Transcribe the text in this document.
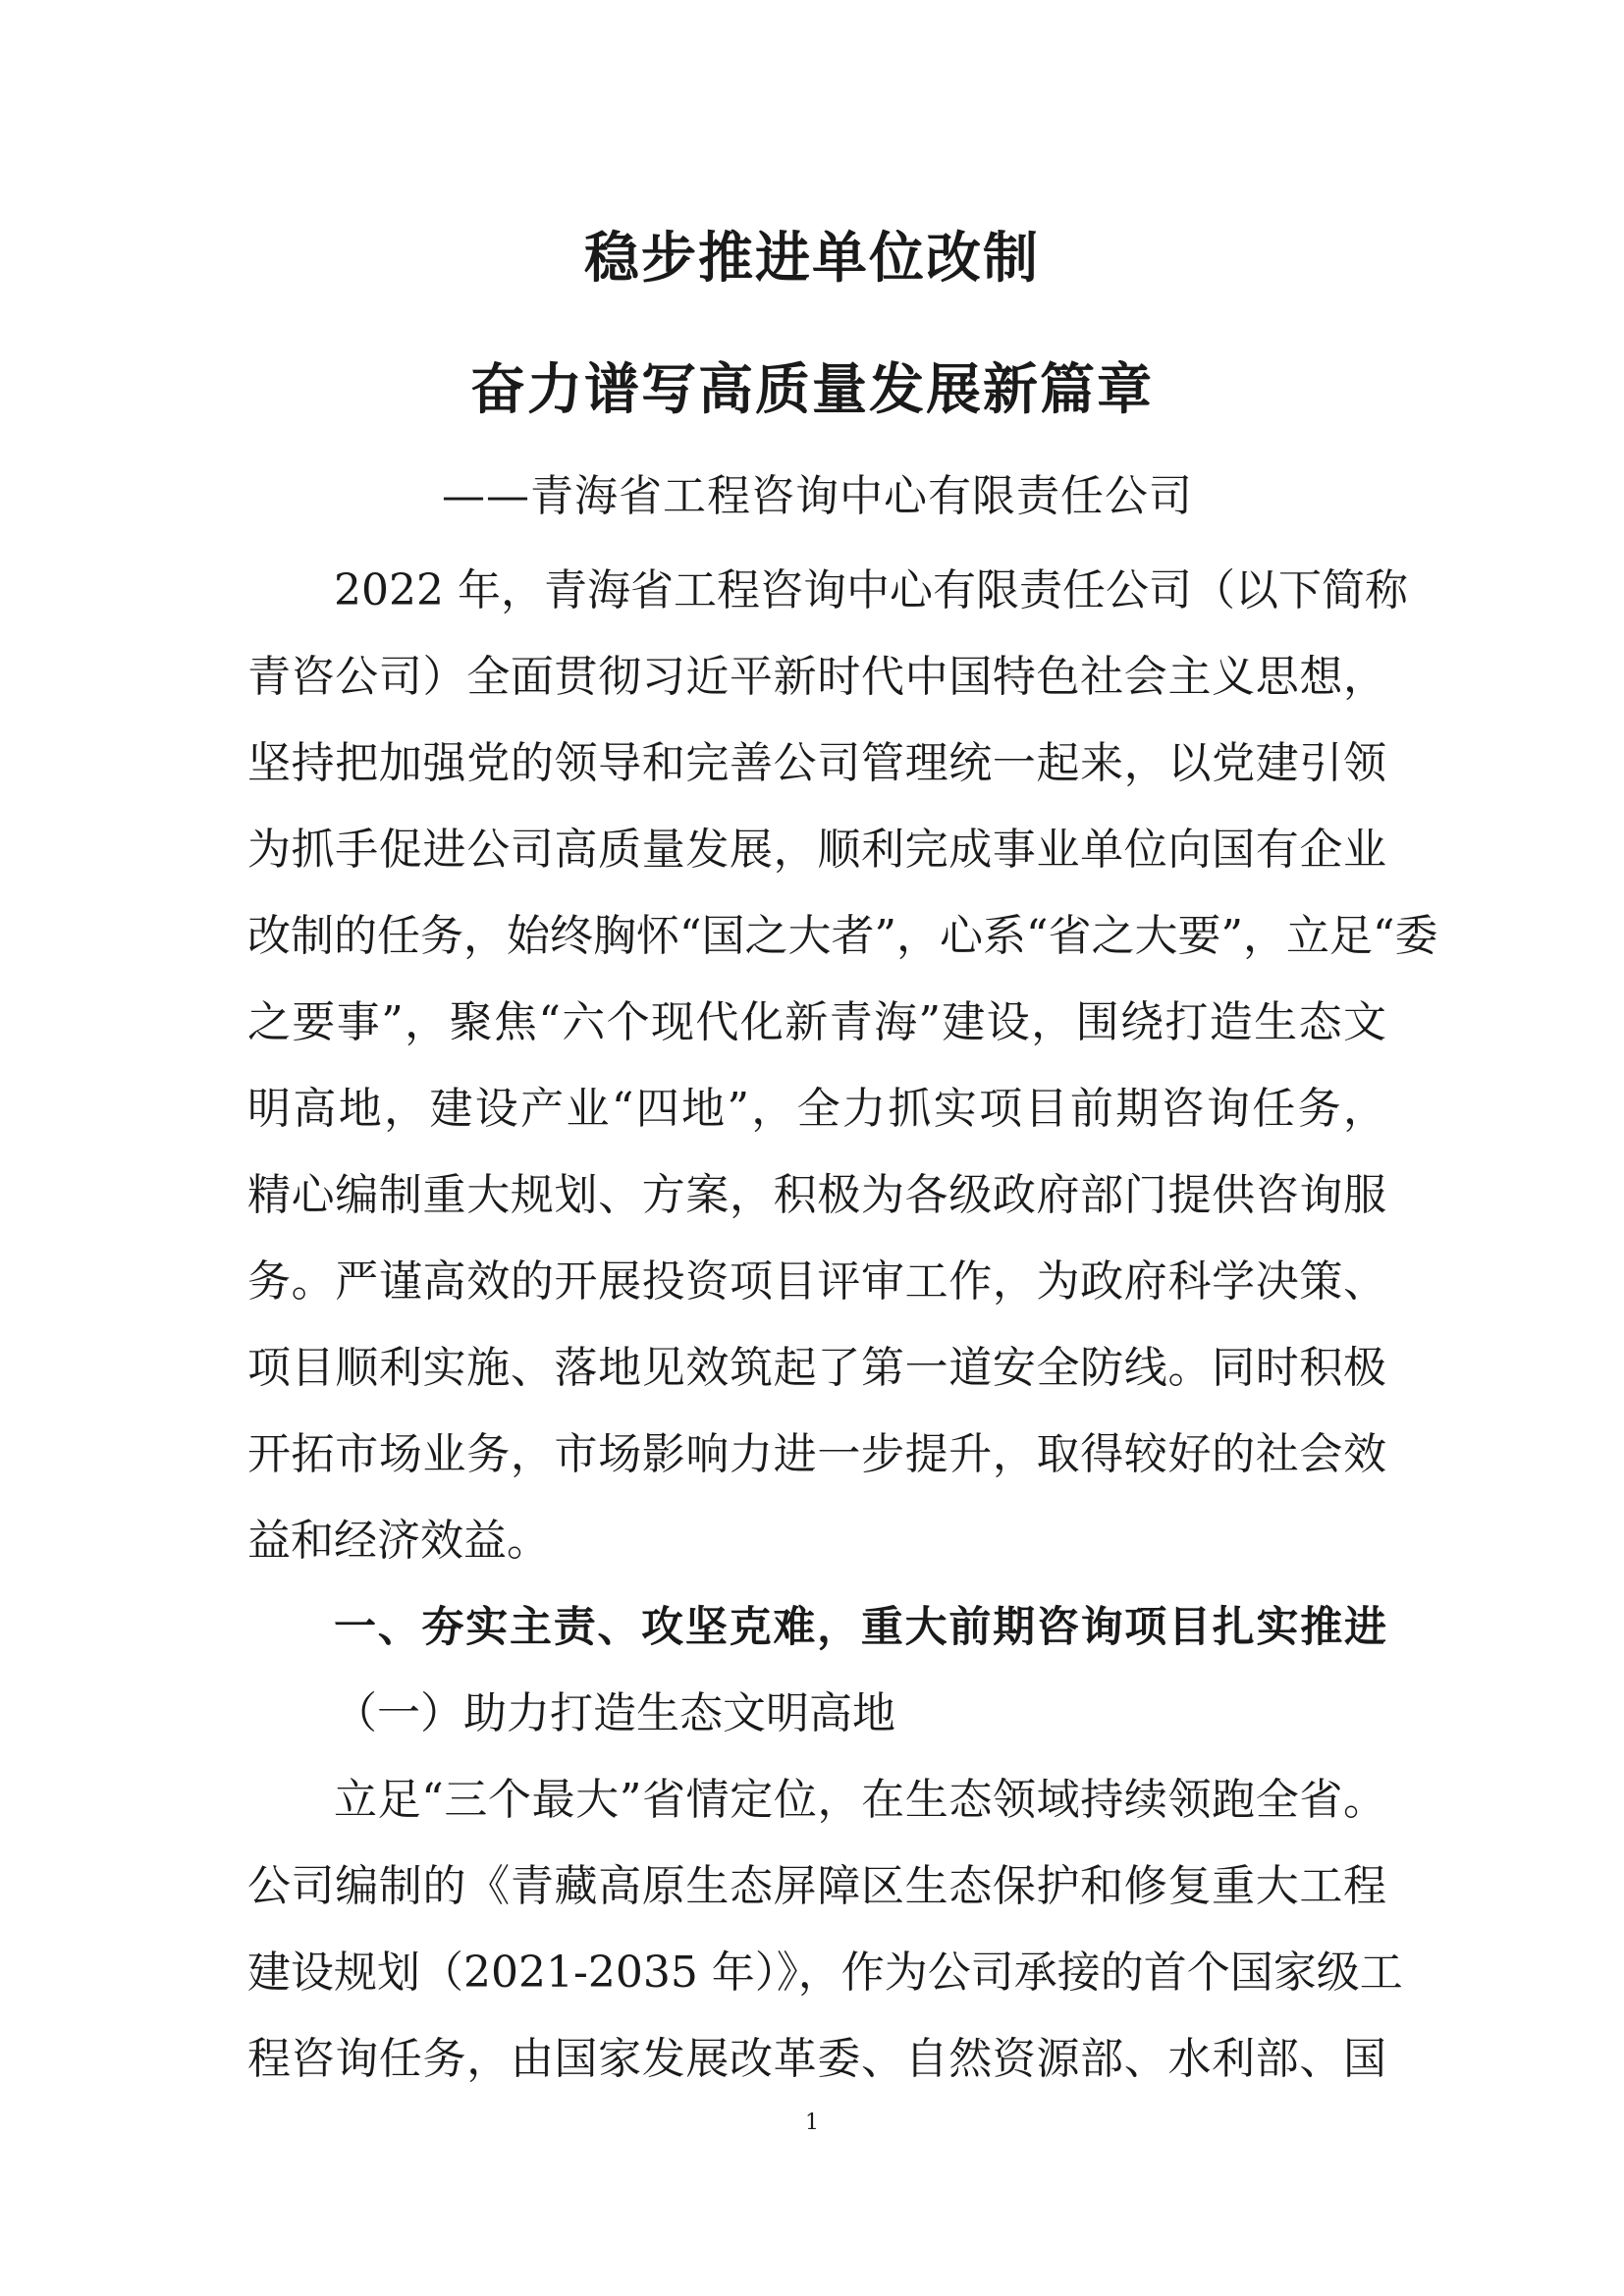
稳步推进单位改制
奋力谱写高质量发展新篇章

——青海省工程咨询中心有限责任公司

2022 年，青海省工程咨询中心有限责任公司（以下简称

青咨公司）全面贯彻习近平新时代中国特色社会主义思想，

坚持把加强党的领导和完善公司管理统一起来，以党建引领

为抓手促进公司高质量发展，顺利完成事业单位向国有企业

改制的任务，始终胸怀“国之大者”，心系“省之大要”，立足“委

之要事”，聚焦“六个现代化新青海”建设，围绕打造生态文

明高地，建设产业“四地”，全力抓实项目前期咨询任务，

精心编制重大规划、方案，积极为各级政府部门提供咨询服

务。严谨高效的开展投资项目评审工作，为政府科学决策、

项目顺利实施、落地见效筑起了第一道安全防线。同时积极

开拓市场业务，市场影响力进一步提升，取得较好的社会效

益和经济效益。

一、夯实主责、攻坚克难，重大前期咨询项目扎实推进

（一）助力打造生态文明高地

立足“三个最大”省情定位，在生态领域持续领跑全省。

公司编制的《青藏高原生态屏障区生态保护和修复重大工程

建设规划（2021-2035 年）》，作为公司承接的首个国家级工

程咨询任务，由国家发展改革委、自然资源部、水利部、国

1
